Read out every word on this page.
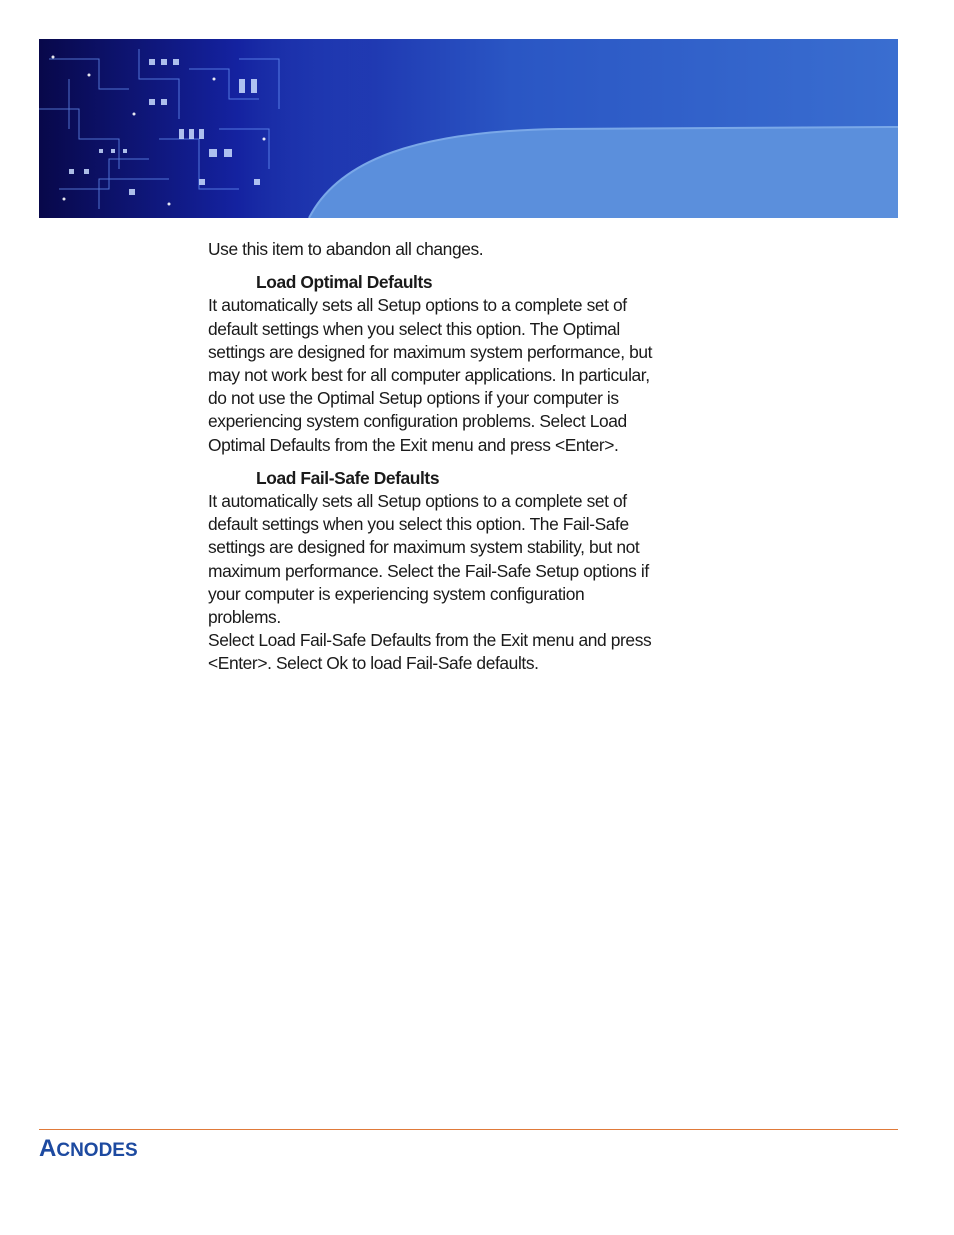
Use this item to abandon all changes.

Load Optimal Defaults

It automatically sets all Setup options to a complete set of
default settings when you select this option. The Optimal
settings are designed for maximum system performance, but
may not work best for all computer applications. In particular,
do not use the Optimal Setup options if your computer is
experiencing system configuration problems. Select Load
Optimal Defaults from the Exit menu and press <Enter>.

Load Fail-Safe Defaults

It automatically sets all Setup options to a complete set of
default settings when you select this option. The Fail-Safe
settings are designed for maximum system stability, but not
maximum performance. Select the Fail-Safe Setup options if
your computer is experiencing system configuration
problems.

Select Load Fail-Safe Defaults from the Exit menu and press
<Enter>. Select Ok to load Fail-Safe defaults.

ACNODES
